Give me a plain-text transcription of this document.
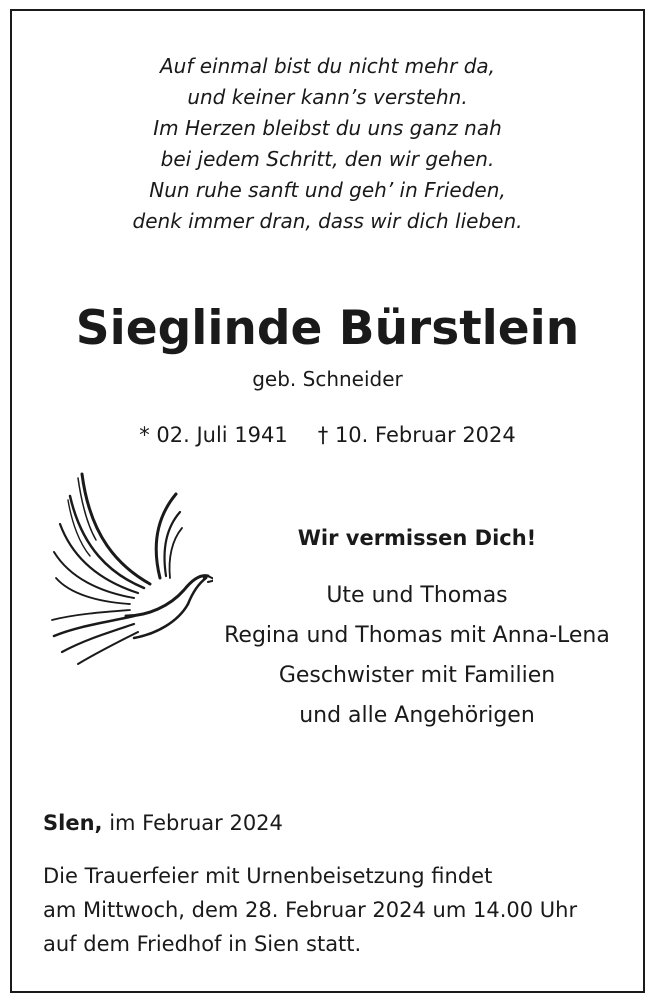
Auf einmal bist du nicht mehr da,
und keiner kann’s verstehn.
Im Herzen bleibst du uns ganz nah
bei jedem Schritt, den wir gehen.
Nun ruhe sanft und geh’ in Frieden,
denk immer dran, dass wir dich lieben.
Sieglinde Bürstlein
geb. Schneider
* 02. Juli 1941 † 10. Februar 2024
Wir vermissen Dich!
Ute und Thomas
Regina und Thomas mit Anna-Lena
Geschwister mit Familien
und alle Angehörigen
Slen, im Februar 2024
Die Trauerfeier mit Urnenbeisetzung findet
am Mittwoch, dem 28. Februar 2024 um 14.00 Uhr
auf dem Friedhof in Sien statt.
